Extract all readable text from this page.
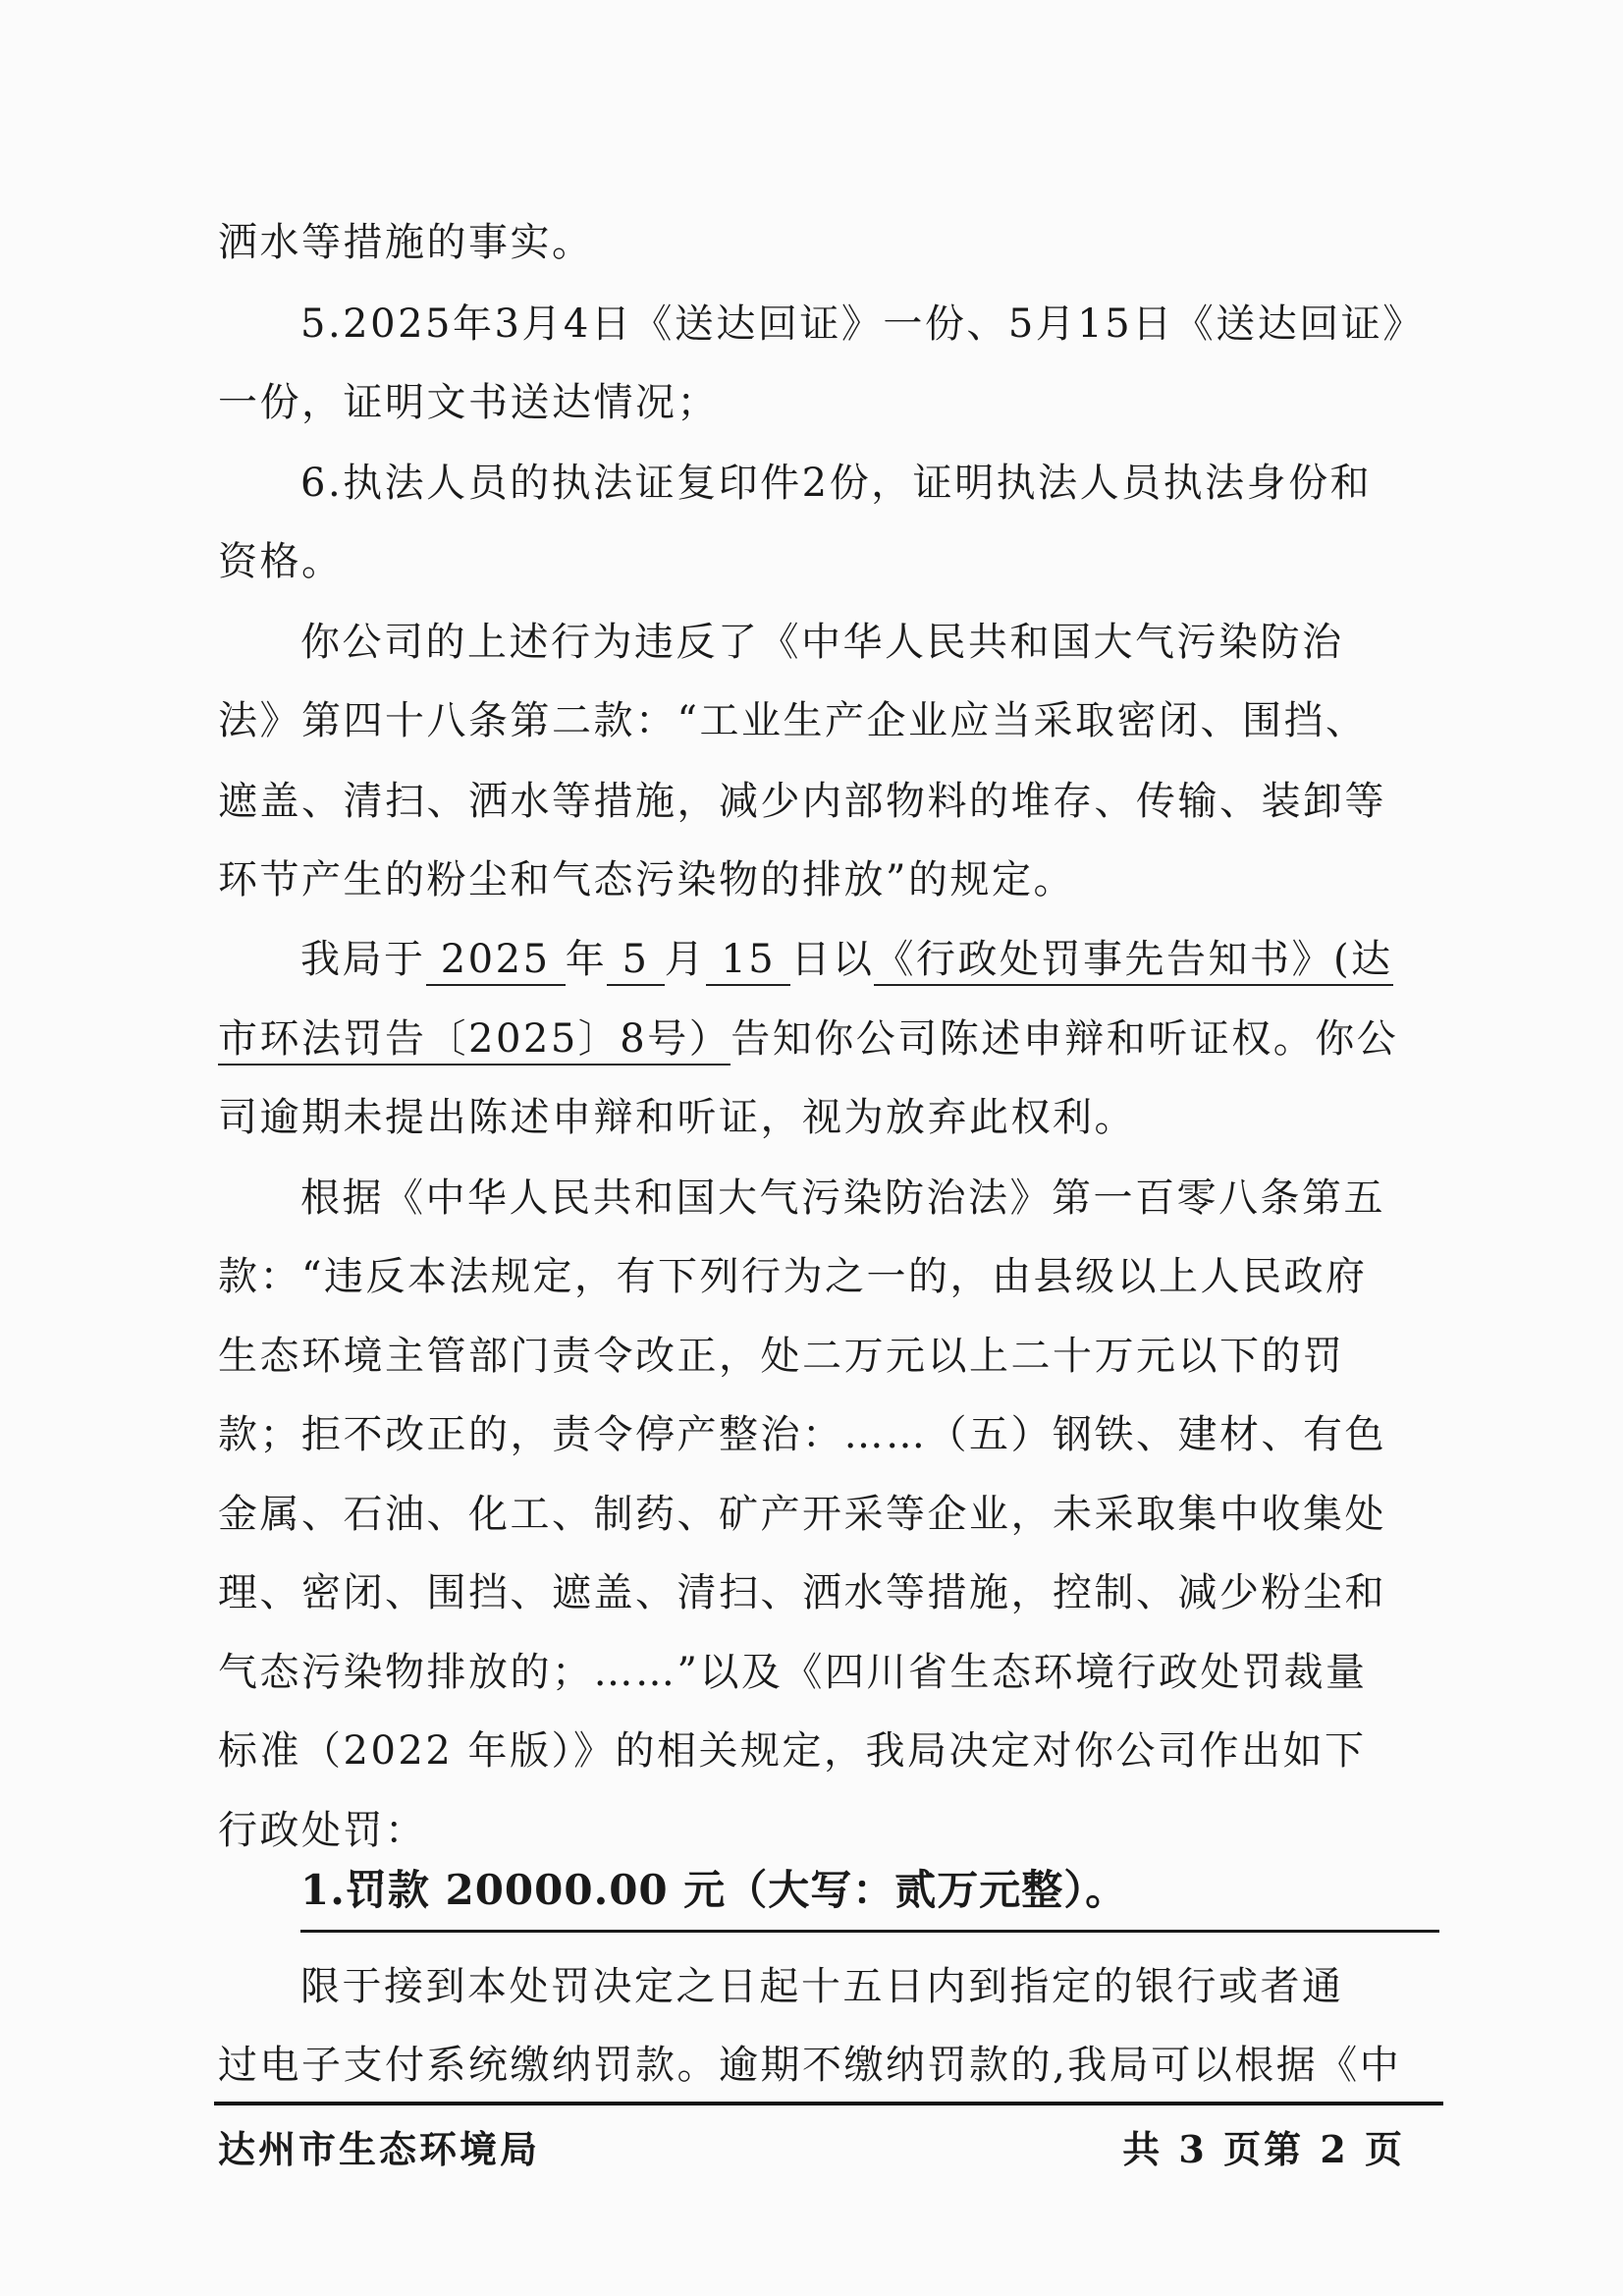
洒水等措施的事实。
5.2025年3月4日《送达回证》一份、5月15日《送达回证》
一份，证明文书送达情况；
6.执法人员的执法证复印件2份，证明执法人员执法身份和
资格。
你公司的上述行为违反了《中华人民共和国大气污染防治
法》第四十八条第二款：“工业生产企业应当采取密闭、围挡、
遮盖、清扫、洒水等措施，减少内部物料的堆存、传输、装卸等
环节产生的粉尘和气态污染物的排放”的规定。
我局于 2025 年 5 月 15 日以《行政处罚事先告知书》(达
市环法罚告〔2025〕8号）告知你公司陈述申辩和听证权。你公
司逾期未提出陈述申辩和听证，视为放弃此权利。
根据《中华人民共和国大气污染防治法》第一百零八条第五
款：“违反本法规定，有下列行为之一的，由县级以上人民政府
生态环境主管部门责令改正，处二万元以上二十万元以下的罚
款；拒不改正的，责令停产整治：……（五）钢铁、建材、有色
金属、石油、化工、制药、矿产开采等企业，未采取集中收集处
理、密闭、围挡、遮盖、清扫、洒水等措施，控制、减少粉尘和
气态污染物排放的；……”以及《四川省生态环境行政处罚裁量
标准（2022 年版）》的相关规定，我局决定对你公司作出如下
行政处罚：
1.罚款 20000.00 元（大写：贰万元整）。
限于接到本处罚决定之日起十五日内到指定的银行或者通
过电子支付系统缴纳罚款。逾期不缴纳罚款的,我局可以根据《中
达州市生态环境局	共 3 页第 2 页
